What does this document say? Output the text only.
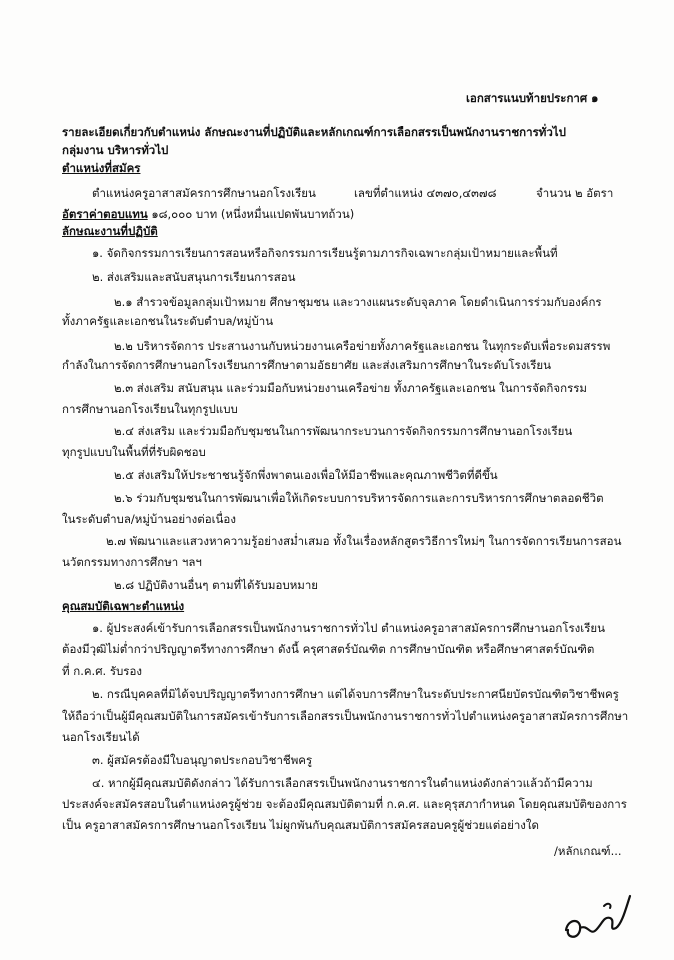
เอกสารแนบท้ายประกาศ ๑
รายละเอียดเกี่ยวกับตำแหน่ง ลักษณะงานที่ปฏิบัติและหลักเกณฑ์การเลือกสรรเป็นพนักงานราชการทั่วไป
กลุ่มงาน บริหารทั่วไป
ตำแหน่งที่สมัคร
ตำแหน่งครูอาสาสมัครการศึกษานอกโรงเรียน	เลขที่ตำแหน่ง ๔๓๗๐,๔๓๗๘	จำนวน ๒ อัตรา
อัตราค่าตอบแทน ๑๘,๐๐๐ บาท (หนึ่งหมื่นแปดพันบาทถ้วน)
ลักษณะงานที่ปฏิบัติ
๑. จัดกิจกรรมการเรียนการสอนหรือกิจกรรมการเรียนรู้ตามภารกิจเฉพาะกลุ่มเป้าหมายและพื้นที่
๒. ส่งเสริมและสนับสนุนการเรียนการสอน
๒.๑ สำรวจข้อมูลกลุ่มเป้าหมาย ศึกษาชุมชน และวางแผนระดับจุลภาค โดยดำเนินการร่วมกับองค์กร
ทั้งภาครัฐและเอกชนในระดับตำบล/หมู่บ้าน
๒.๒ บริหารจัดการ ประสานงานกับหน่วยงานเครือข่ายทั้งภาครัฐและเอกชน ในทุกระดับเพื่อระดมสรรพ
กำลังในการจัดการศึกษานอกโรงเรียนการศึกษาตามอัธยาศัย และส่งเสริมการศึกษาในระดับโรงเรียน
๒.๓ ส่งเสริม สนับสนุน และร่วมมือกับหน่วยงานเครือข่าย ทั้งภาครัฐและเอกชน ในการจัดกิจกรรม
การศึกษานอกโรงเรียนในทุกรูปแบบ
๒.๔ ส่งเสริม และร่วมมือกับชุมชนในการพัฒนากระบวนการจัดกิจกรรมการศึกษานอกโรงเรียน
ทุกรูปแบบในพื้นที่ที่รับผิดชอบ
๒.๕ ส่งเสริมให้ประชาชนรู้จักพึ่งพาตนเองเพื่อให้มีอาชีพและคุณภาพชีวิตที่ดีขึ้น
๒.๖ ร่วมกับชุมชนในการพัฒนาเพื่อให้เกิดระบบการบริหารจัดการและการบริหารการศึกษาตลอดชีวิต
ในระดับตำบล/หมู่บ้านอย่างต่อเนื่อง
๒.๗ พัฒนาและแสวงหาความรู้อย่างสม่ำเสมอ ทั้งในเรื่องหลักสูตรวิธีการใหม่ๆ ในการจัดการเรียนการสอน
นวัตกรรมทางการศึกษา ฯลฯ
๒.๘ ปฏิบัติงานอื่นๆ ตามที่ได้รับมอบหมาย
คุณสมบัติเฉพาะตำแหน่ง
๑. ผู้ประสงค์เข้ารับการเลือกสรรเป็นพนักงานราชการทั่วไป ตำแหน่งครูอาสาสมัครการศึกษานอกโรงเรียน
ต้องมีวุฒิไม่ต่ำกว่าปริญญาตรีทางการศึกษา ดังนี้ ครุศาสตร์บัณฑิต การศึกษาบัณฑิต หรือศึกษาศาสตร์บัณฑิต
ที่ ก.ค.ศ. รับรอง
๒. กรณีบุคคลที่มิได้จบปริญญาตรีทางการศึกษา แต่ได้จบการศึกษาในระดับประกาศนียบัตรบัณฑิตวิชาชีพครู
ให้ถือว่าเป็นผู้มีคุณสมบัติในการสมัครเข้ารับการเลือกสรรเป็นพนักงานราชการทั่วไปตำแหน่งครูอาสาสมัครการศึกษา
นอกโรงเรียนได้
๓. ผู้สมัครต้องมีใบอนุญาตประกอบวิชาชีพครู
๔. หากผู้มีคุณสมบัติดังกล่าว ได้รับการเลือกสรรเป็นพนักงานราชการในตำแหน่งดังกล่าวแล้วถ้ามีความ
ประสงค์จะสมัครสอบในตำแหน่งครูผู้ช่วย จะต้องมีคุณสมบัติตามที่ ก.ค.ศ. และคุรุสภากำหนด โดยคุณสมบัติของการ
เป็น ครูอาสาสมัครการศึกษานอกโรงเรียน ไม่ผูกพันกับคุณสมบัติการสมัครสอบครูผู้ช่วยแต่อย่างใด
/หลักเกณฑ์...
